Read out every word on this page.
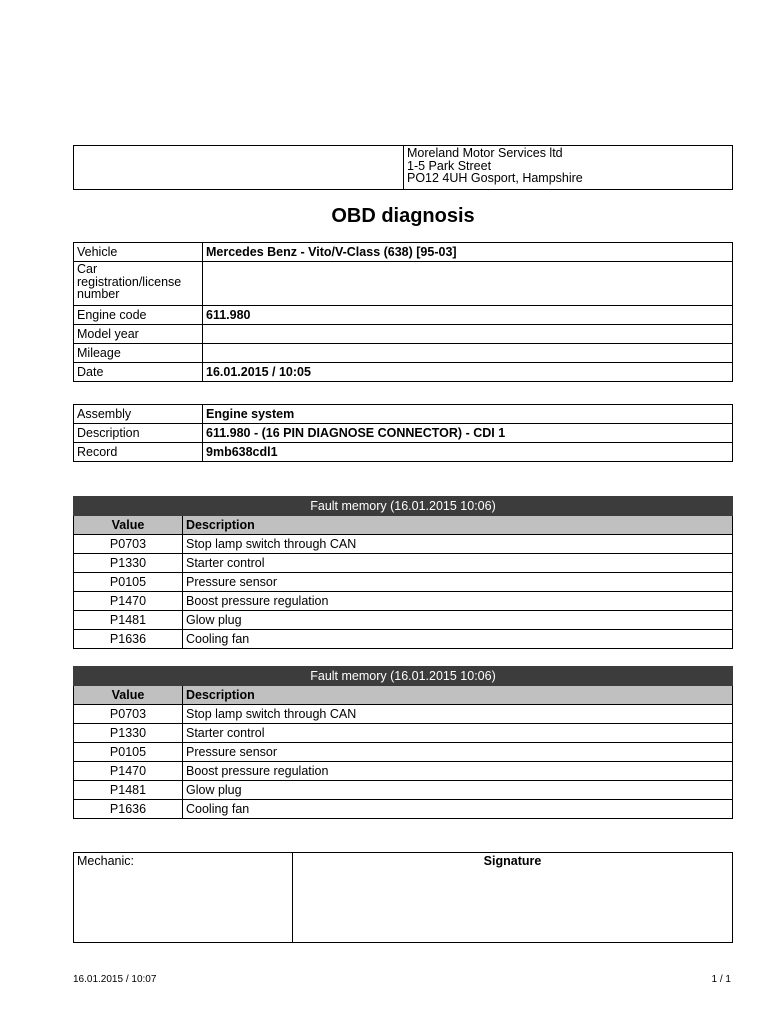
Moreland Motor Services ltd
1-5 Park Street
PO12 4UH Gosport, Hampshire
OBD diagnosis
Vehicle	Mercedes Benz - Vito/V-Class (638) [95-03]
Car registration/license number	
Engine code	611.980
Model year	
Mileage	
Date	16.01.2015 / 10:05
Assembly	Engine system
Description	611.980 - (16 PIN DIAGNOSE CONNECTOR) - CDI 1
Record	9mb638cdl1
Fault memory (16.01.2015 10:06)	
Value	Description
P0703	Stop lamp switch through CAN
P1330	Starter control
P0105	Pressure sensor
P1470	Boost pressure regulation
P1481	Glow plug
P1636	Cooling fan
Fault memory (16.01.2015 10:06)	
Value	Description
P0703	Stop lamp switch through CAN
P1330	Starter control
P0105	Pressure sensor
P1470	Boost pressure regulation
P1481	Glow plug
P1636	Cooling fan
Mechanic:	Signature
16.01.2015 / 10:07	1 / 1
